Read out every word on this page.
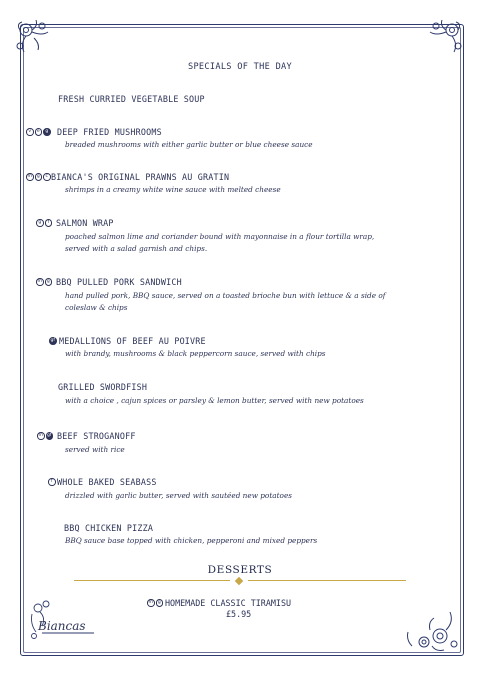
SPECIALS OF THE DAY
FRESH CURRIED VEGETABLE SOUP
v	e	g DEEP FRIED MUSHROOMS
breaded mushrooms with either garlic butter or blue cheese sauce
m	g	c BIANCA'S ORIGINAL PRAWNS AU GRATIN
shrimps in a creamy white wine sauce with melted cheese
g	f SALMON WRAP
poached salmon lime and coriander bound with mayonnaise in a flour tortilla wrap, served with a salad garnish and chips.
m	g BBQ PULLED PORK SANDWICH
hand pulled pork, BBQ sauce, served on a toasted brioche bun with lettuce & a side of coleslaw & chips
gf MEDALLIONS OF BEEF AU POIVRE
with brandy, mushrooms & black peppercorn sauce, served with chips
GRILLED SWORDFISH
with a choice , cajun spices or parsley & lemon butter, served with new potatoes
m gf BEEF STROGANOFF
served with rice
f WHOLE BAKED SEABASS
drizzled with garlic butter, served with sautéed new potatoes
BBQ CHICKEN PIZZA
BBQ sauce base topped with chicken, pepperoni and mixed peppers
DESSERTS
m	g HOMEMADE CLASSIC TIRAMISU
£5.95
Biancas
